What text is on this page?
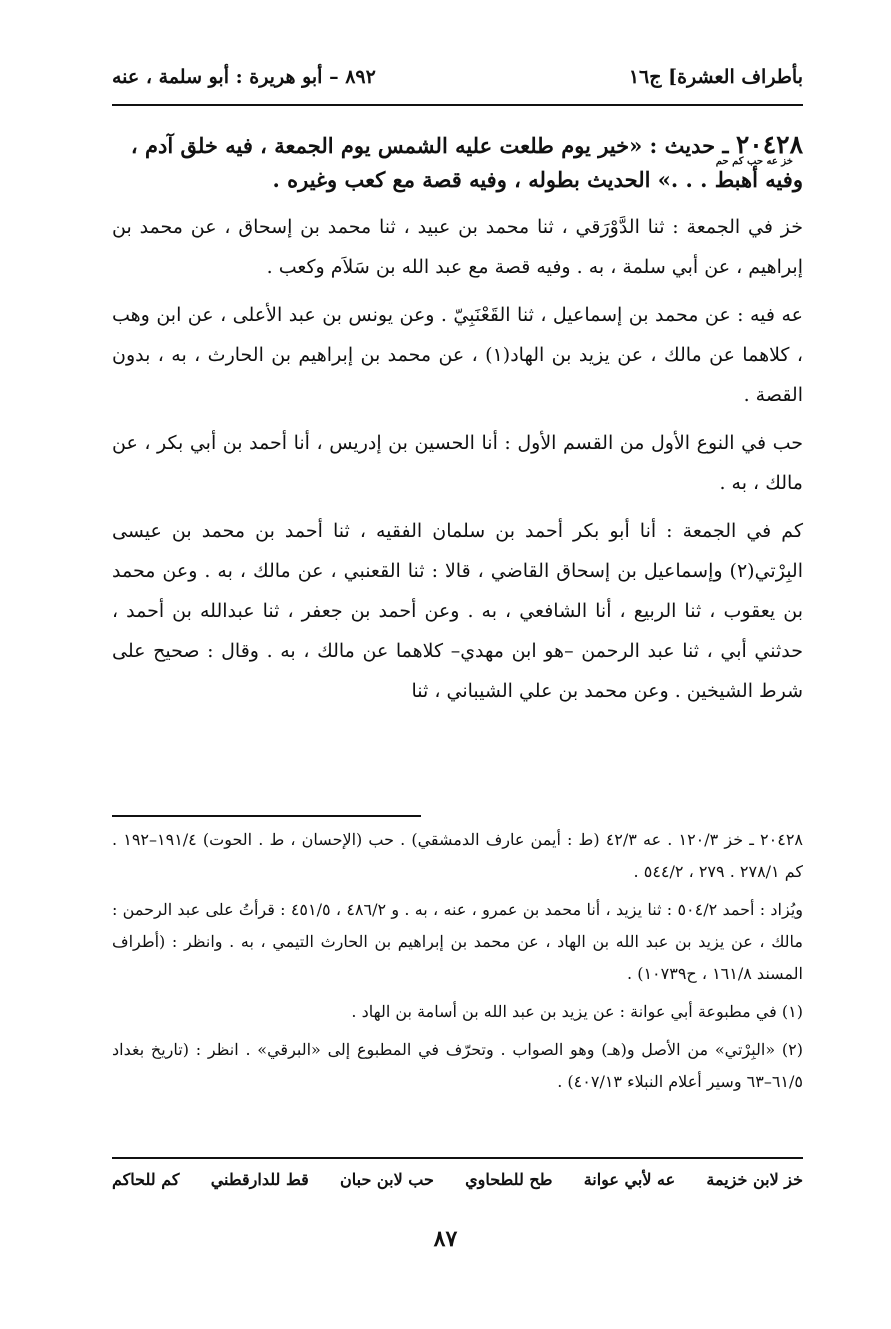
بأطراف العشرة] ج١٦
٨٩٢ – أبو هريرة : أبو سلمة ، عنه
٢٠٤٢٨ ـ حديث : «خير يوم طلعت عليه الشمس يوم الجمعة ، فيه خلق آدم ،
خز عه حب كم حم
وفيه أهبط . . .» الحديث بطوله ، وفيه قصة مع كعب وغيره .

خز في الجمعة : ثنا الدَّوْرَقي ، ثنا محمد بن عبيد ، ثنا محمد بن إسحاق ، عن محمد بن إبراهيم ، عن أبي سلمة ، به . وفيه قصة مع عبد الله بن سَلاَم وكعب .

عه فيه : عن محمد بن إسماعيل ، ثنا القَعْنَبِيّ . وعن يونس بن عبد الأعلى ، عن ابن وهب ، كلاهما عن مالك ، عن يزيد بن الهاد(١) ، عن محمد بن إبراهيم بن الحارث ، به ، بدون القصة .

حب في النوع الأول من القسم الأول : أنا الحسين بن إدريس ، أنا أحمد بن أبي بكر ، عن مالك ، به .

كم في الجمعة : أنا أبو بكر أحمد بن سلمان الفقيه ، ثنا أحمد بن محمد بن عيسى البِرْتي(٢) وإسماعيل بن إسحاق القاضي ، قالا : ثنا القعنبي ، عن مالك ، به . وعن محمد بن يعقوب ، ثنا الربيع ، أنا الشافعي ، به . وعن أحمد بن جعفر ، ثنا عبدالله بن أحمد ، حدثني أبي ، ثنا عبد الرحمن –هو ابن مهدي– كلاهما عن مالك ، به . وقال : صحيح على شرط الشيخين . وعن محمد بن علي الشيباني ، ثنا

٢٠٤٢٨ ـ خز ١٢٠/٣ . عه ٤٢/٣ (ط : أيمن عارف الدمشقي) . حب (الإحسان ، ط . الحوت) ١٩١/٤–١٩٢ . كم ٢٧٨/١ . ٢٧٩ ، ٥٤٤/٢ .

ويُزاد : أحمد ٥٠٤/٢ : ثنا يزيد ، أنا محمد بن عمرو ، عنه ، به . و ٤٨٦/٢ ، ٤٥١/٥ : قرأتُ على عبد الرحمن : مالك ، عن يزيد بن عبد الله بن الهاد ، عن محمد بن إبراهيم بن الحارث التيمي ، به . وانظر : (أطراف المسند ١٦١/٨ ، ح١٠٧٣٩) .

(١) في مطبوعة أبي عوانة : عن يزيد بن عبد الله بن أسامة بن الهاد .

(٢) «البِرْتي» من الأصل و(هـ) وهو الصواب . وتحرّف في المطبوع إلى «البرقي» . انظر : (تاريخ بغداد ٦١/٥–٦٣ وسير أعلام النبلاء ٤٠٧/١٣) .

خز لابن خزيمة
عه لأبي عوانة
طح للطحاوي
حب لابن حبان
قط للدارقطني
كم للحاكم
٨٧
